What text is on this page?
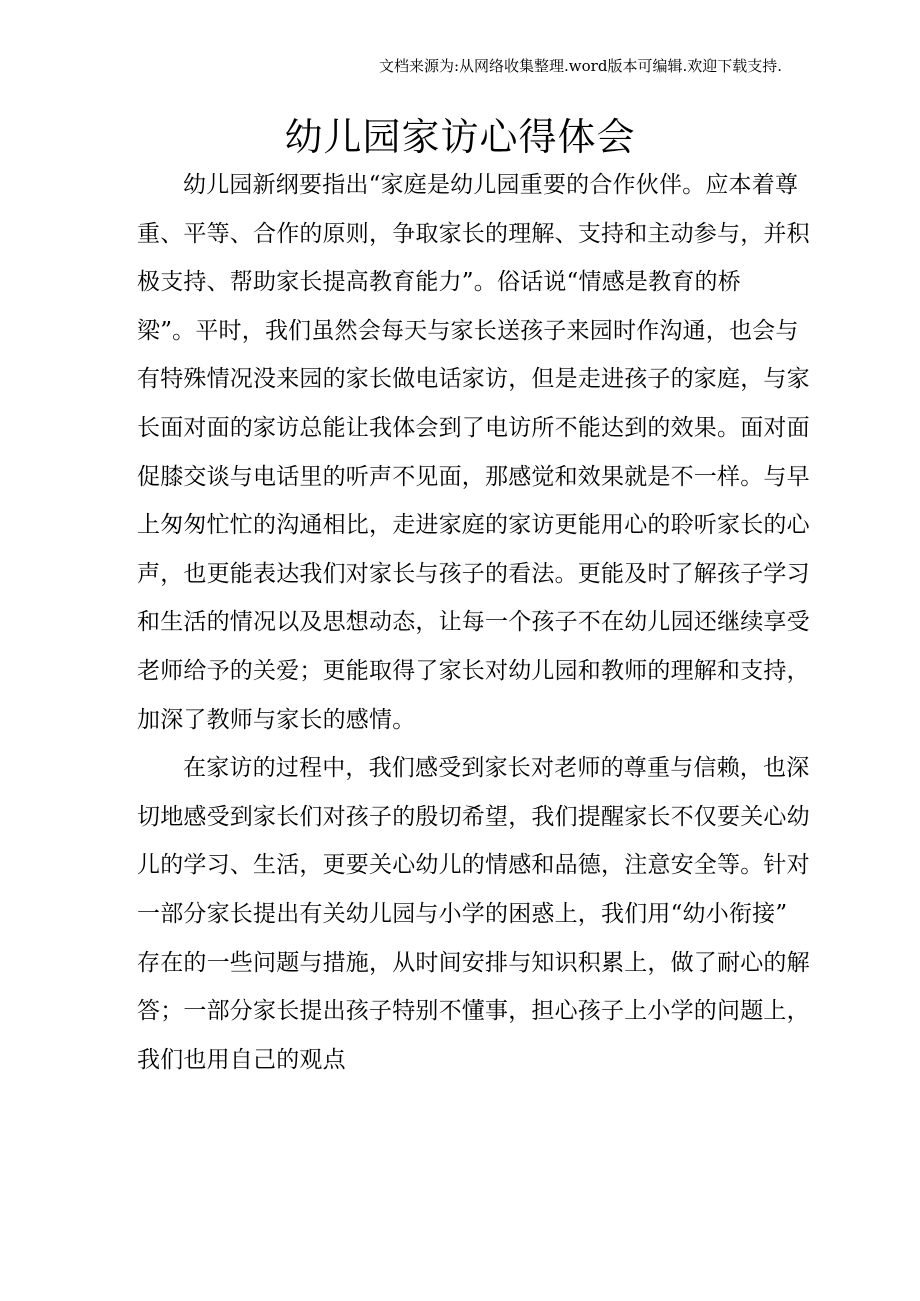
文档来源为:从网络收集整理.word版本可编辑.欢迎下载支持.
幼儿园家访心得体会
幼儿园新纲要指出“家庭是幼儿园重要的合作伙伴。应本着尊
重、平等、合作的原则，争取家长的理解、支持和主动参与，并积
极支持、帮助家长提高教育能力”。俗话说“情感是教育的桥
梁”。平时，我们虽然会每天与家长送孩子来园时作沟通，也会与
有特殊情况没来园的家长做电话家访，但是走进孩子的家庭，与家
长面对面的家访总能让我体会到了电访所不能达到的效果。面对面
促膝交谈与电话里的听声不见面，那感觉和效果就是不一样。与早
上匆匆忙忙的沟通相比，走进家庭的家访更能用心的聆听家长的心
声，也更能表达我们对家长与孩子的看法。更能及时了解孩子学习
和生活的情况以及思想动态，让每一个孩子不在幼儿园还继续享受
老师给予的关爱；更能取得了家长对幼儿园和教师的理解和支持，
加深了教师与家长的感情。
在家访的过程中，我们感受到家长对老师的尊重与信赖，也深
切地感受到家长们对孩子的殷切希望，我们提醒家长不仅要关心幼
儿的学习、生活，更要关心幼儿的情感和品德，注意安全等。针对
一部分家长提出有关幼儿园与小学的困惑上，我们用“幼小衔接”
存在的一些问题与措施，从时间安排与知识积累上，做了耐心的解
答；一部分家长提出孩子特别不懂事，担心孩子上小学的问题上，
我们也用自己的观点
